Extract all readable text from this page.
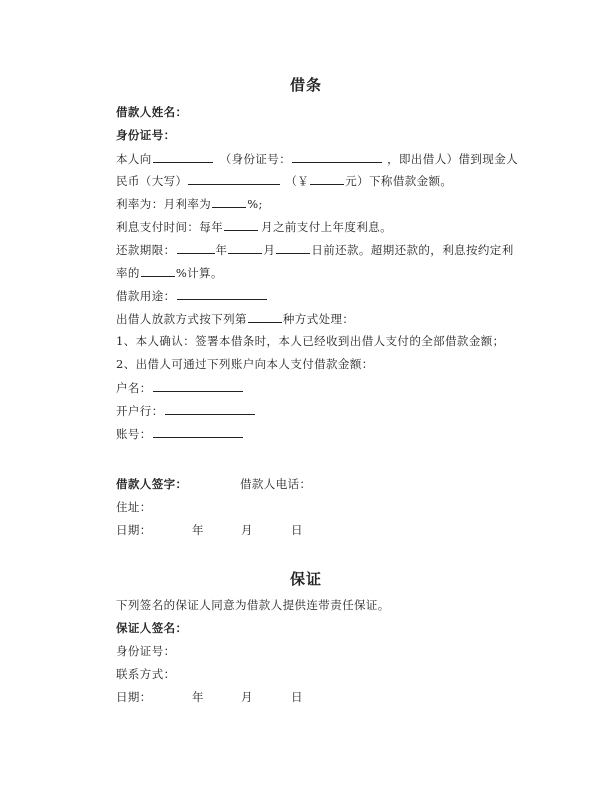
借条
借款人姓名：
身份证号：
本人向	（身份证号：	，即出借人）借到现金人
民币（大写）	（￥	元）下称借款金额。
利率为：月利率为	%;
利息支付时间：每年	月之前支付上年度利息。
还款期限：	年	月	日前还款。超期还款的，利息按约定利
率的	%计算。
借款用途：
出借人放款方式按下列第	种方式处理：
1、本人确认：签署本借条时，本人已经收到出借人支付的全部借款金额；
2、出借人可通过下列账户向本人支付借款金额：
户名：
开户行：
账号：
借款人签字：	借款人电话：
住址：
日期：	年	月	日
保证
下列签名的保证人同意为借款人提供连带责任保证。
保证人签名：
身份证号：
联系方式：
日期：	年	月	日
